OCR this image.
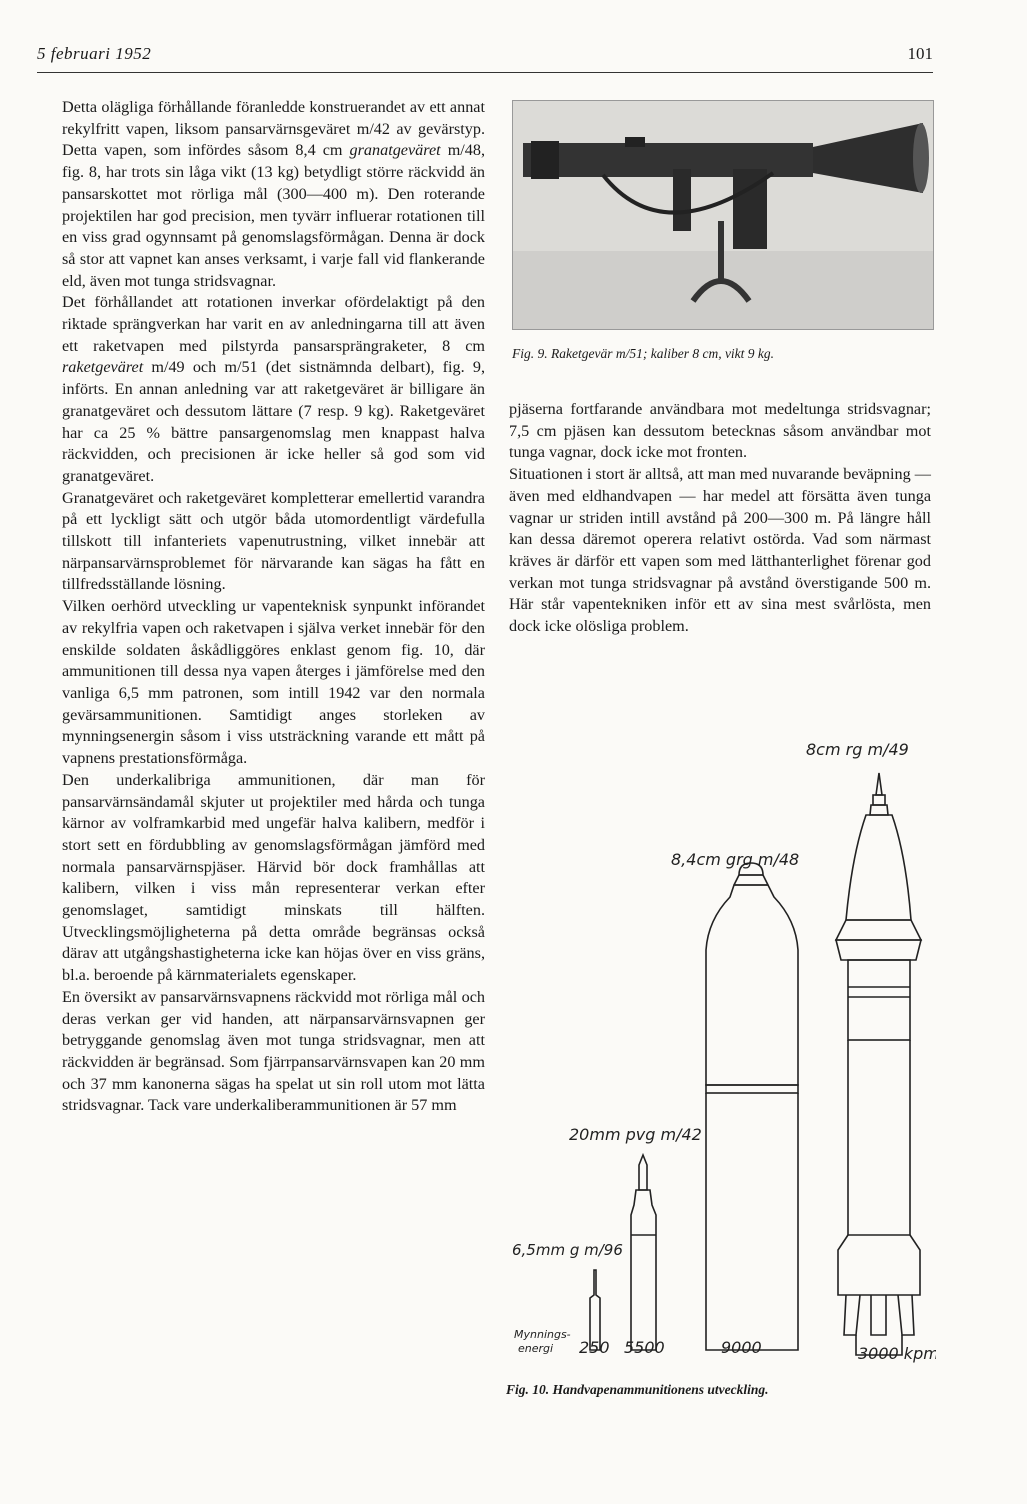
5 februari 1952	101

Detta olägliga förhållande föranledde konstruerandet av ett annat rekylfritt vapen, liksom pansarvärnsgeväret m/42 av gevärstyp. Detta vapen, som infördes såsom 8,4 cm granatgeväret m/48, fig. 8, har trots sin låga vikt (13 kg) betydligt större räckvidd än pansarskottet mot rörliga mål (300—400 m). Den roterande projektilen har god precision, men tyvärr influerar rotationen till en viss grad ogynnsamt på genomslagsförmågan. Denna är dock så stor att vapnet kan anses verksamt, i varje fall vid flankerande eld, även mot tunga stridsvagnar.

Det förhållandet att rotationen inverkar ofördelaktigt på den riktade sprängverkan har varit en av anledningarna till att även ett raketvapen med pilstyrda pansarsprängraketer, 8 cm raketgeväret m/49 och m/51 (det sistnämnda delbart), fig. 9, införts. En annan anledning var att raketgeväret är billigare än granatgeväret och dessutom lättare (7 resp. 9 kg). Raketgeväret har ca 25 % bättre pansargenomslag men knappast halva räckvidden, och precisionen är icke heller så god som vid granatgeväret.

Granatgeväret och raketgeväret kompletterar emellertid varandra på ett lyckligt sätt och utgör båda utomordentligt värdefulla tillskott till infanteriets vapenutrustning, vilket innebär att närpansarvärnsproblemet för närvarande kan sägas ha fått en tillfredsställande lösning.

Vilken oerhörd utveckling ur vapenteknisk synpunkt införandet av rekylfria vapen och raketvapen i själva verket innebär för den enskilde soldaten åskådliggöres enklast genom fig. 10, där ammunitionen till dessa nya vapen återges i jämförelse med den vanliga 6,5 mm patronen, som intill 1942 var den normala gevärsammunitionen. Samtidigt anges storleken av mynningsenergin såsom i viss utsträckning varande ett mått på vapnens prestationsförmåga.

Den underkalibriga ammunitionen, där man för pansarvärnsändamål skjuter ut projektiler med hårda och tunga kärnor av volframkarbid med ungefär halva kalibern, medför i stort sett en fördubbling av genomslagsförmågan jämförd med normala pansarvärnspjäser. Härvid bör dock framhållas att kalibern, vilken i viss mån representerar verkan efter genomslaget, samtidigt minskats till hälften. Utvecklingsmöjligheterna på detta område begränsas också därav att utgångshastigheterna icke kan höjas över en viss gräns, bl.a. beroende på kärnmaterialets egenskaper.

En översikt av pansarvärnsvapnens räckvidd mot rörliga mål och deras verkan ger vid handen, att närpansarvärnsvapnen ger betryggande genomslag även mot tunga stridsvagnar, men att räckvidden är begränsad. Som fjärrpansarvärnsvapen kan 20 mm och 37 mm kanonerna sägas ha spelat ut sin roll utom mot lätta stridsvagnar. Tack vare underkaliberammunitionen är 57 mm

Fig. 9. Raketgevär m/51; kaliber 8 cm, vikt 9 kg.

pjäserna fortfarande användbara mot medeltunga stridsvagnar; 7,5 cm pjäsen kan dessutom betecknas såsom användbar mot tunga vagnar, dock icke mot fronten.

Situationen i stort är alltså, att man med nuvarande beväpning — även med eldhandvapen — har medel att försätta även tunga vagnar ur striden intill avstånd på 200—300 m. På längre håll kan dessa däremot operera relativt ostörda. Vad som närmast kräves är därför ett vapen som med lätthanterlighet förenar god verkan mot tunga stridsvagnar på avstånd överstigande 500 m. Här står vapentekniken inför ett av sina mest svårlösta, men dock icke olösliga problem.

8cm rg m/49
8,4cm grg m/48
20mm pvg m/42
6,5mm g m/96
Mynnings-
energi 250 5500	9000	3000 kpm
Fig. 10. Handvapenammunitionens utveckling.
